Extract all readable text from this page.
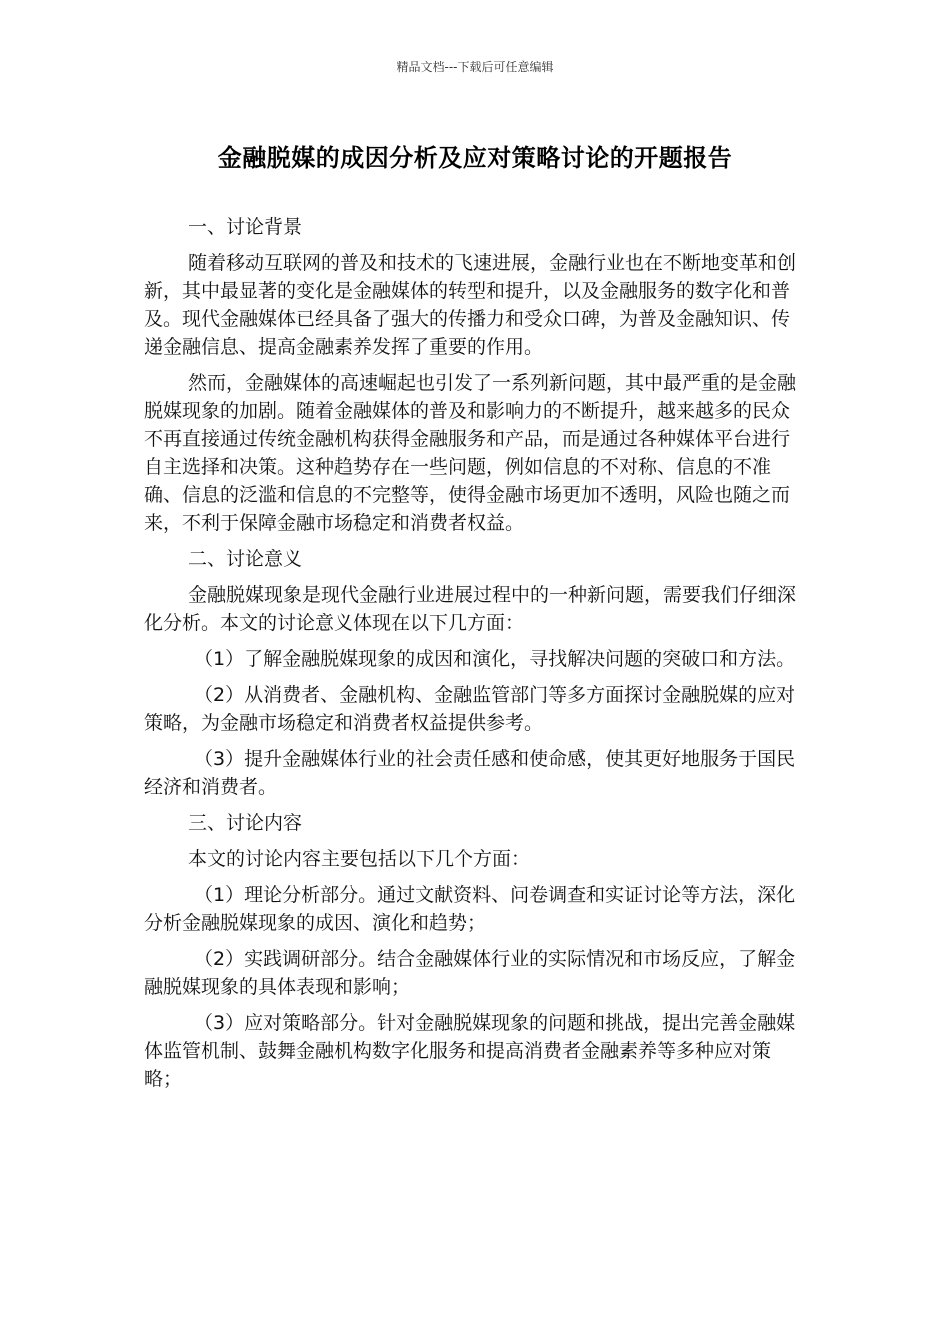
精品文档---下载后可任意编辑
金融脱媒的成因分析及应对策略讨论的开题报告

一、讨论背景

随着移动互联网的普及和技术的飞速进展，金融行业也在不断地变革和创新，其中最显著的变化是金融媒体的转型和提升，以及金融服务的数字化和普及。现代金融媒体已经具备了强大的传播力和受众口碑，为普及金融知识、传递金融信息、提高金融素养发挥了重要的作用。

然而，金融媒体的高速崛起也引发了一系列新问题，其中最严重的是金融脱媒现象的加剧。随着金融媒体的普及和影响力的不断提升，越来越多的民众不再直接通过传统金融机构获得金融服务和产品，而是通过各种媒体平台进行自主选择和决策。这种趋势存在一些问题，例如信息的不对称、信息的不准确、信息的泛滥和信息的不完整等，使得金融市场更加不透明，风险也随之而来，不利于保障金融市场稳定和消费者权益。

二、讨论意义

金融脱媒现象是现代金融行业进展过程中的一种新问题，需要我们仔细深化分析。本文的讨论意义体现在以下几方面：

（1）了解金融脱媒现象的成因和演化，寻找解决问题的突破口和方法。

（2）从消费者、金融机构、金融监管部门等多方面探讨金融脱媒的应对策略，为金融市场稳定和消费者权益提供参考。

（3）提升金融媒体行业的社会责任感和使命感，使其更好地服务于国民经济和消费者。

三、讨论内容

本文的讨论内容主要包括以下几个方面：

（1）理论分析部分。通过文献资料、问卷调查和实证讨论等方法，深化分析金融脱媒现象的成因、演化和趋势；

（2）实践调研部分。结合金融媒体行业的实际情况和市场反应，了解金融脱媒现象的具体表现和影响；

（3）应对策略部分。针对金融脱媒现象的问题和挑战，提出完善金融媒体监管机制、鼓舞金融机构数字化服务和提高消费者金融素养等多种应对策略；
